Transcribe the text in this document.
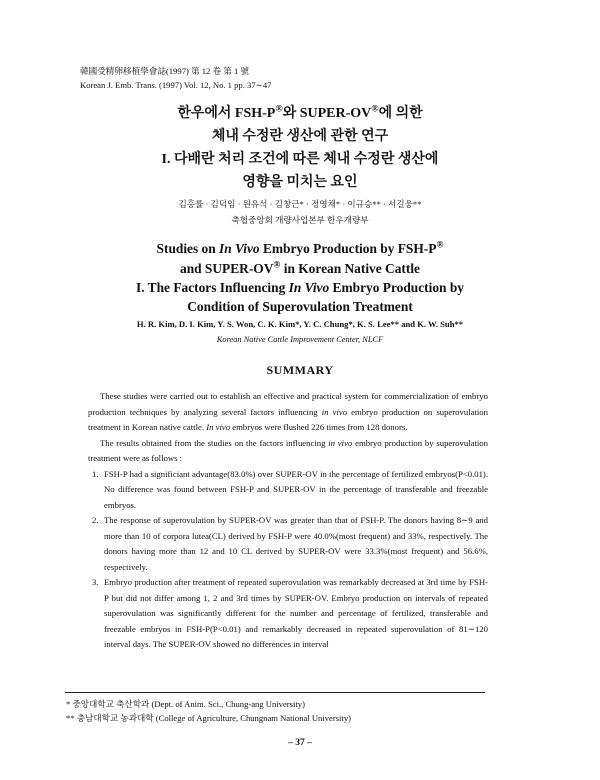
韓國受精卵移植學會誌(1997) 第 12 卷 第 1 號
Korean J. Emb. Trans. (1997) Vol. 12, No. 1 pp. 37∼47
한우에서 FSH-P®와 SUPER-OV®에 의한
체내 수정란 생산에 관한 연구
I. 다배란 처리 조건에 따른 체내 수정란 생산에
영향을 미치는 요인
김홍률 · 김덕임 · 원유석 · 김창근* · 정영채* · 이규승** · 서길웅**
축협중앙회 개량사업본부 한우개량부
Studies on In Vivo Embryo Production by FSH-P®
and SUPER-OV® in Korean Native Cattle
I. The Factors Influencing In Vivo Embryo Production by
Condition of Superovulation Treatment
H. R. Kim, D. I. Kim, Y. S. Won, C. K. Kim*, Y. C. Chung*, K. S. Lee** and K. W. Suh**
Korean Native Cattle Improvement Center, NLCF
SUMMARY

These studies were carried out to establish an effective and practical system for commercialization of embryo production techniques by analyzing several factors influencing in vivo embryo production on superovulation treatment in Korean native cattle. In vivo embryos were flushed 226 times from 128 donors.

The results obtained from the studies on the factors influencing in vivo embryo production by superovulation treatment were as follows :

1. FSH-P had a significiant advantage(83.0%) over SUPER-OV in the percentage of fertilized embryos(P<0.01). No difference was found between FSH-P and SUPER-OV in the percentage of transferable and freezable embryos.

2. The response of superovulation by SUPER-OV was greater than that of FSH-P. The donors having 8∼9 and more than 10 of corpora lutea(CL) derived by FSH-P were 40.0%(most frequent) and 33%, respectively. The donors having more than 12 and 10 CL derived by SUPER-OV were 33.3%(most frequent) and 56.6%, respectively.

3. Embryo production after treatment of repeated superovulation was remarkably decreased at 3rd time by FSH-P but did not differ among 1, 2 and 3rd times by SUPER-OV. Embryo production on intervals of repeated superovulation was significantly different for the number and percentage of fertilized, transferable and freezable embryos in FSH-P(P<0.01) and remarkably decreased in repeated superovulation of 81∼120 interval days. The SUPER-OV showed no differences in interval

* 중앙대학교 축산학과 (Dept. of Anim. Sci., Chung-ang University)
** 충남대학교 농과대학 (College of Agriculture, Chungnam National University)
– 37 –
